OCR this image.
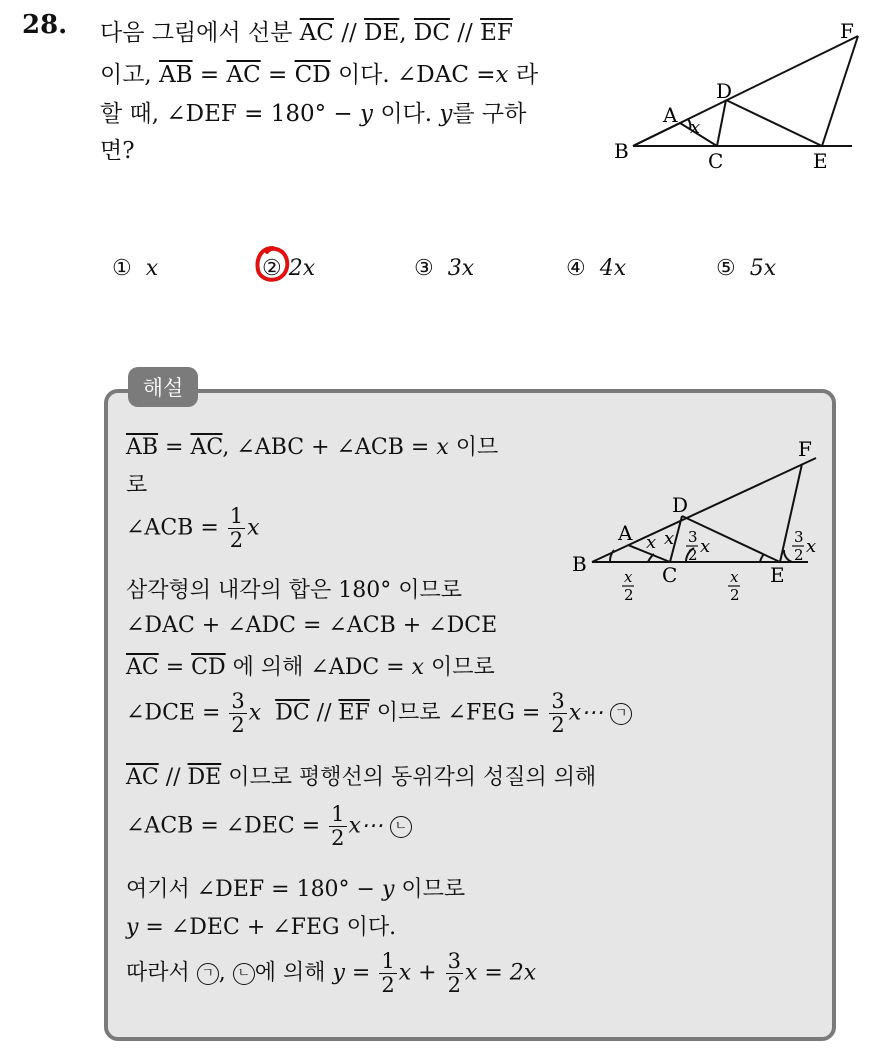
28. 다음 그림에서 선분 $\overline{AC} // \overline{DE}$, $\overline{DC} // \overline{EF}$
이고, $\overline{AB} = \overline{AC} = \overline{CD}$ 이다. ∠DAC =x 라
할 때, ∠DEF = 180° − y 이다. y를 구하
면?
F
D
A
x
B	C	E
① x	② 2x	③ 3x	④ 4x	⑤ 5x
해설
$\overline{AB} = \overline{AC}$, ∠ABC + ∠ACB = x 이므
로
∠ACB = $\frac{1}{2}$ x
삼각형의 내각의 합은 180° 이므로
∠DAC + ∠ADC = ∠ACB + ∠DCE
$\overline{AC} = \overline{CD}$ 에 의해 ∠ADC = x 이므로
∠DCE = $\frac{3}{2}$ x $\overline{DC} // \overline{EF}$ 이므로 ∠FEG = $\frac{3}{2}$ x⋯ ㄱ
$\overline{AC} // \overline{DE}$ 이므로 평행선의 동위각의 성질의 의해
∠ACB = ∠DEC = $\frac{1}{2}$ x⋯ ㄴ
여기서 ∠DEF = 180° − y 이므로
y = ∠DEC + ∠FEG 이다.
따라서 ㄱ , ㄴ 에 의해 $y = \frac{1}{2}$ $x + \frac{3}{2}$ x = 2x
F
D
A
B	C	E
x x 3
2 x	3
2 x
x
2
x
2
